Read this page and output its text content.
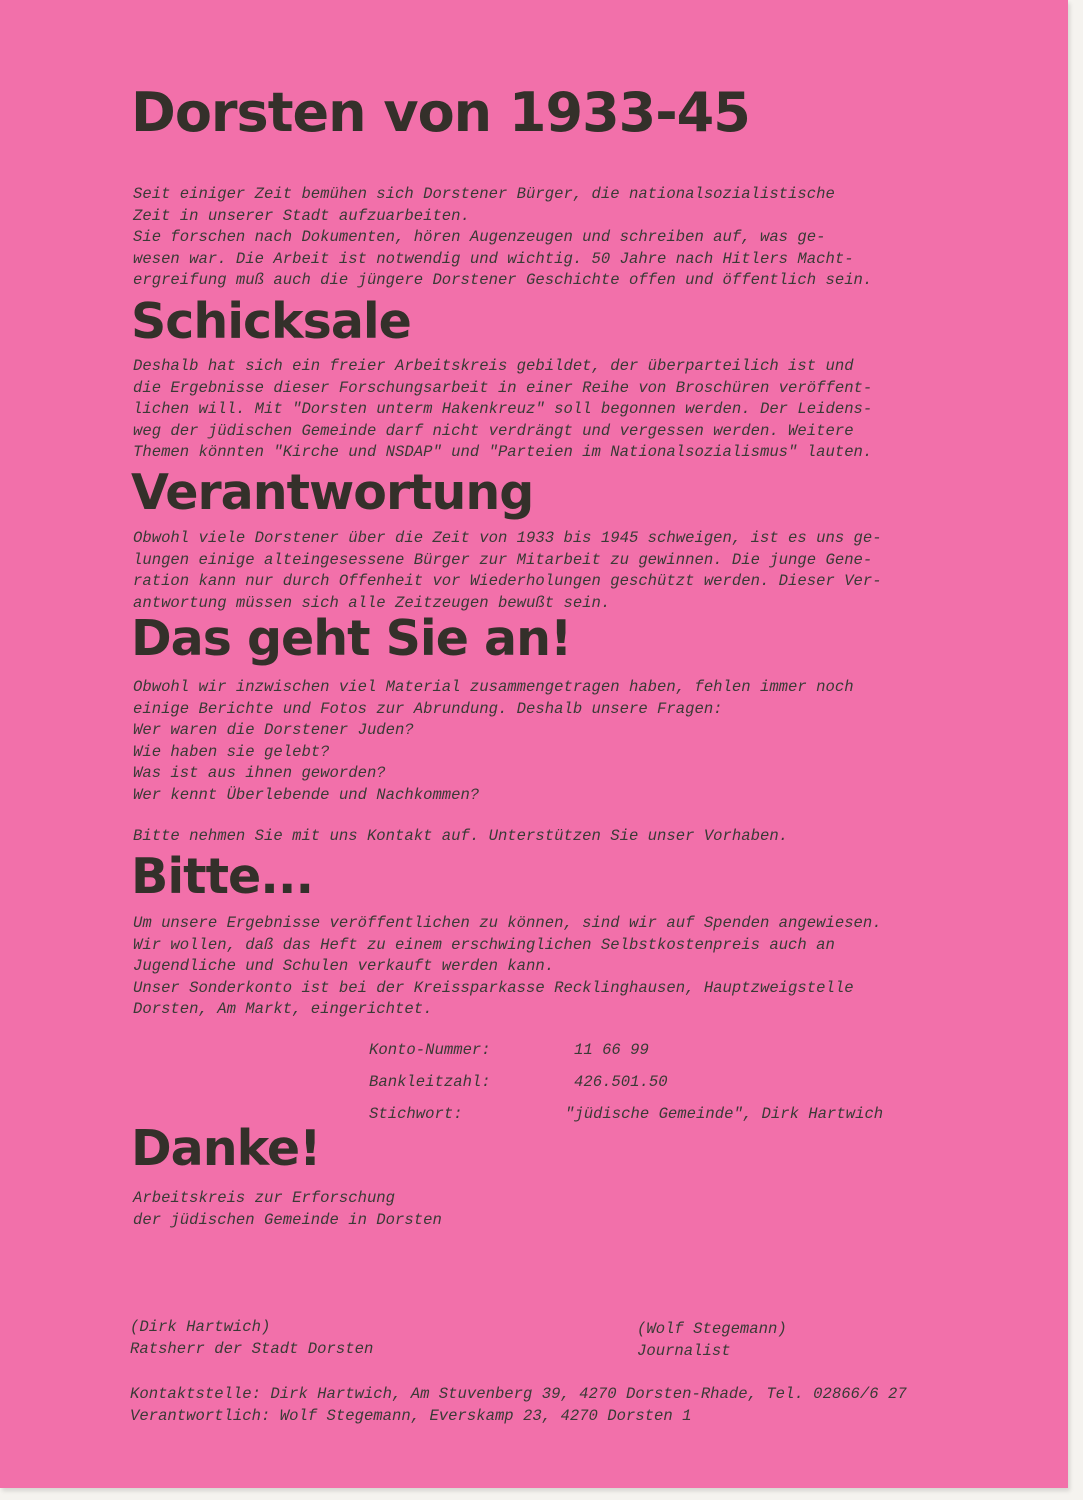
Dorsten von 1933-45
Seit einiger Zeit bemühen sich Dorstener Bürger, die nationalsozialistische
Zeit in unserer Stadt aufzuarbeiten.
Sie forschen nach Dokumenten, hören Augenzeugen und schreiben auf, was ge-
wesen war. Die Arbeit ist notwendig und wichtig. 50 Jahre nach Hitlers Macht-
ergreifung muß auch die jüngere Dorstener Geschichte offen und öffentlich sein.
Schicksale
Deshalb hat sich ein freier Arbeitskreis gebildet, der überparteilich ist und
die Ergebnisse dieser Forschungsarbeit in einer Reihe von Broschüren veröffent-
lichen will. Mit "Dorsten unterm Hakenkreuz" soll begonnen werden. Der Leidens-
weg der jüdischen Gemeinde darf nicht verdrängt und vergessen werden. Weitere
Themen könnten "Kirche und NSDAP" und "Parteien im Nationalsozialismus" lauten.
Verantwortung
Obwohl viele Dorstener über die Zeit von 1933 bis 1945 schweigen, ist es uns ge-
lungen einige alteingesessene Bürger zur Mitarbeit zu gewinnen. Die junge Gene-
ration kann nur durch Offenheit vor Wiederholungen geschützt werden. Dieser Ver-
antwortung müssen sich alle Zeitzeugen bewußt sein.
Das geht Sie an!
Obwohl wir inzwischen viel Material zusammengetragen haben, fehlen immer noch
einige Berichte und Fotos zur Abrundung. Deshalb unsere Fragen:
Wer waren die Dorstener Juden?
Wie haben sie gelebt?
Was ist aus ihnen geworden?
Wer kennt Überlebende und Nachkommen?
Bitte nehmen Sie mit uns Kontakt auf. Unterstützen Sie unser Vorhaben.
Bitte...
Um unsere Ergebnisse veröffentlichen zu können, sind wir auf Spenden angewiesen.
Wir wollen, daß das Heft zu einem erschwinglichen Selbstkostenpreis auch an
Jugendliche und Schulen verkauft werden kann.
Unser Sonderkonto ist bei der Kreissparkasse Recklinghausen, Hauptzweigstelle
Dorsten, Am Markt, eingerichtet.
Konto-Nummer:	11 66 99
Bankleitzahl:	426.501.50
Stichwort:	"jüdische Gemeinde", Dirk Hartwich
Danke!
Arbeitskreis zur Erforschung
der jüdischen Gemeinde in Dorsten
(Dirk Hartwich)
Ratsherr der Stadt Dorsten
(Wolf Stegemann)
Journalist
Kontaktstelle: Dirk Hartwich, Am Stuvenberg 39, 4270 Dorsten-Rhade, Tel. 02866/6 27
Verantwortlich: Wolf Stegemann, Everskamp 23, 4270 Dorsten 1
